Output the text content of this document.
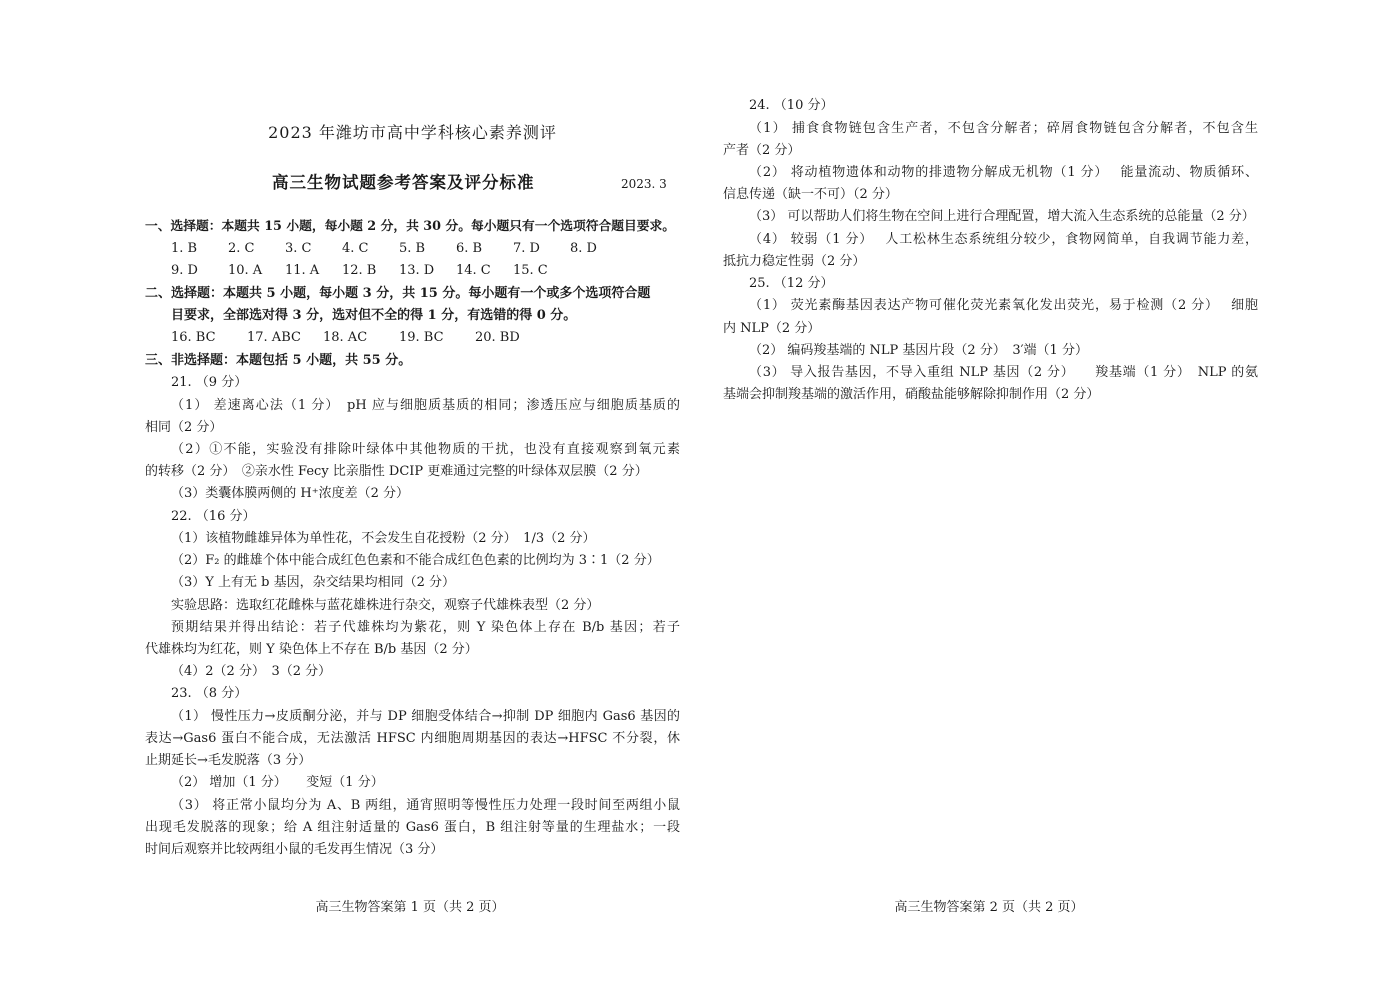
2023 年潍坊市高中学科核心素养测评
高三生物试题参考答案及评分标准	2023. 3
一、选择题：本题共 15 小题，每小题 2 分，共 30 分。每小题只有一个选项符合题目要求。
1. B	2. C	3. C	4. C	5. B	6. B	7. D	8. D
9. D	10. A	11. A	12. B	13. D	14. C	15. C
二、选择题：本题共 5 小题，每小题 3 分，共 15 分。每小题有一个或多个选项符合题
目要求，全部选对得 3 分，选对但不全的得 1 分，有选错的得 0 分。
16. BC	17. ABC	18. AC	19. BC	20. BD
三、非选择题：本题包括 5 小题，共 55 分。
21. （9 分）
（1） 差速离心法（1 分）　pH 应与细胞质基质的相同；渗透压应与细胞质基质的
相同（2 分）
（2）①不能，实验没有排除叶绿体中其他物质的干扰，也没有直接观察到氧元素
的转移（2 分）　②亲水性 Fecy 比亲脂性 DCIP 更难通过完整的叶绿体双层膜（2 分）
（3）类囊体膜两侧的 H⁺浓度差（2 分）
22. （16 分）
（1）该植物雌雄异体为单性花，不会发生自花授粉（2 分）　1/3（2 分）
（2）F₂ 的雌雄个体中能合成红色色素和不能合成红色色素的比例均为 3∶1（2 分）
（3）Y 上有无 b 基因，杂交结果均相同（2 分）
实验思路：选取红花雌株与蓝花雄株进行杂交，观察子代雄株表型（2 分）
预期结果并得出结论：若子代雄株均为紫花，则 Y 染色体上存在 B/b 基因；若子
代雄株均为红花，则 Y 染色体上不存在 B/b 基因（2 分）
（4）2（2 分）　3（2 分）
23. （8 分）
（1） 慢性压力→皮质酮分泌，并与 DP 细胞受体结合→抑制 DP 细胞内 Gas6 基因的
表达→Gas6 蛋白不能合成，无法激活 HFSC 内细胞周期基因的表达→HFSC 不分裂，休
止期延长→毛发脱落（3 分）
（2） 增加（1 分）　　变短（1 分）
（3） 将正常小鼠均分为 A、B 两组，通宵照明等慢性压力处理一段时间至两组小鼠
出现毛发脱落的现象；给 A 组注射适量的 Gas6 蛋白，B 组注射等量的生理盐水；一段
时间后观察并比较两组小鼠的毛发再生情况（3 分）
高三生物答案第 1 页（共 2 页）
24. （10 分）
（1） 捕食食物链包含生产者，不包含分解者；碎屑食物链包含分解者，不包含生
产者（2 分）
（2） 将动植物遗体和动物的排遗物分解成无机物（1 分）　 能量流动、物质循环、
信息传递（缺一不可）（2 分）
（3） 可以帮助人们将生物在空间上进行合理配置，增大流入生态系统的总能量（2 分）
（4） 较弱（1 分）　 人工松林生态系统组分较少，食物网简单，自我调节能力差，
抵抗力稳定性弱（2 分）
25. （12 分）
（1） 荧光素酶基因表达产物可催化荧光素氧化发出荧光，易于检测（2 分）　 细胞
内 NLP（2 分）
（2） 编码羧基端的 NLP 基因片段（2 分）　3′端（1 分）
（3） 导入报告基因，不导入重组 NLP 基因（2 分）　　羧基端（1 分）　NLP 的氨
基端会抑制羧基端的激活作用，硝酸盐能够解除抑制作用（2 分）
高三生物答案第 2 页（共 2 页）
